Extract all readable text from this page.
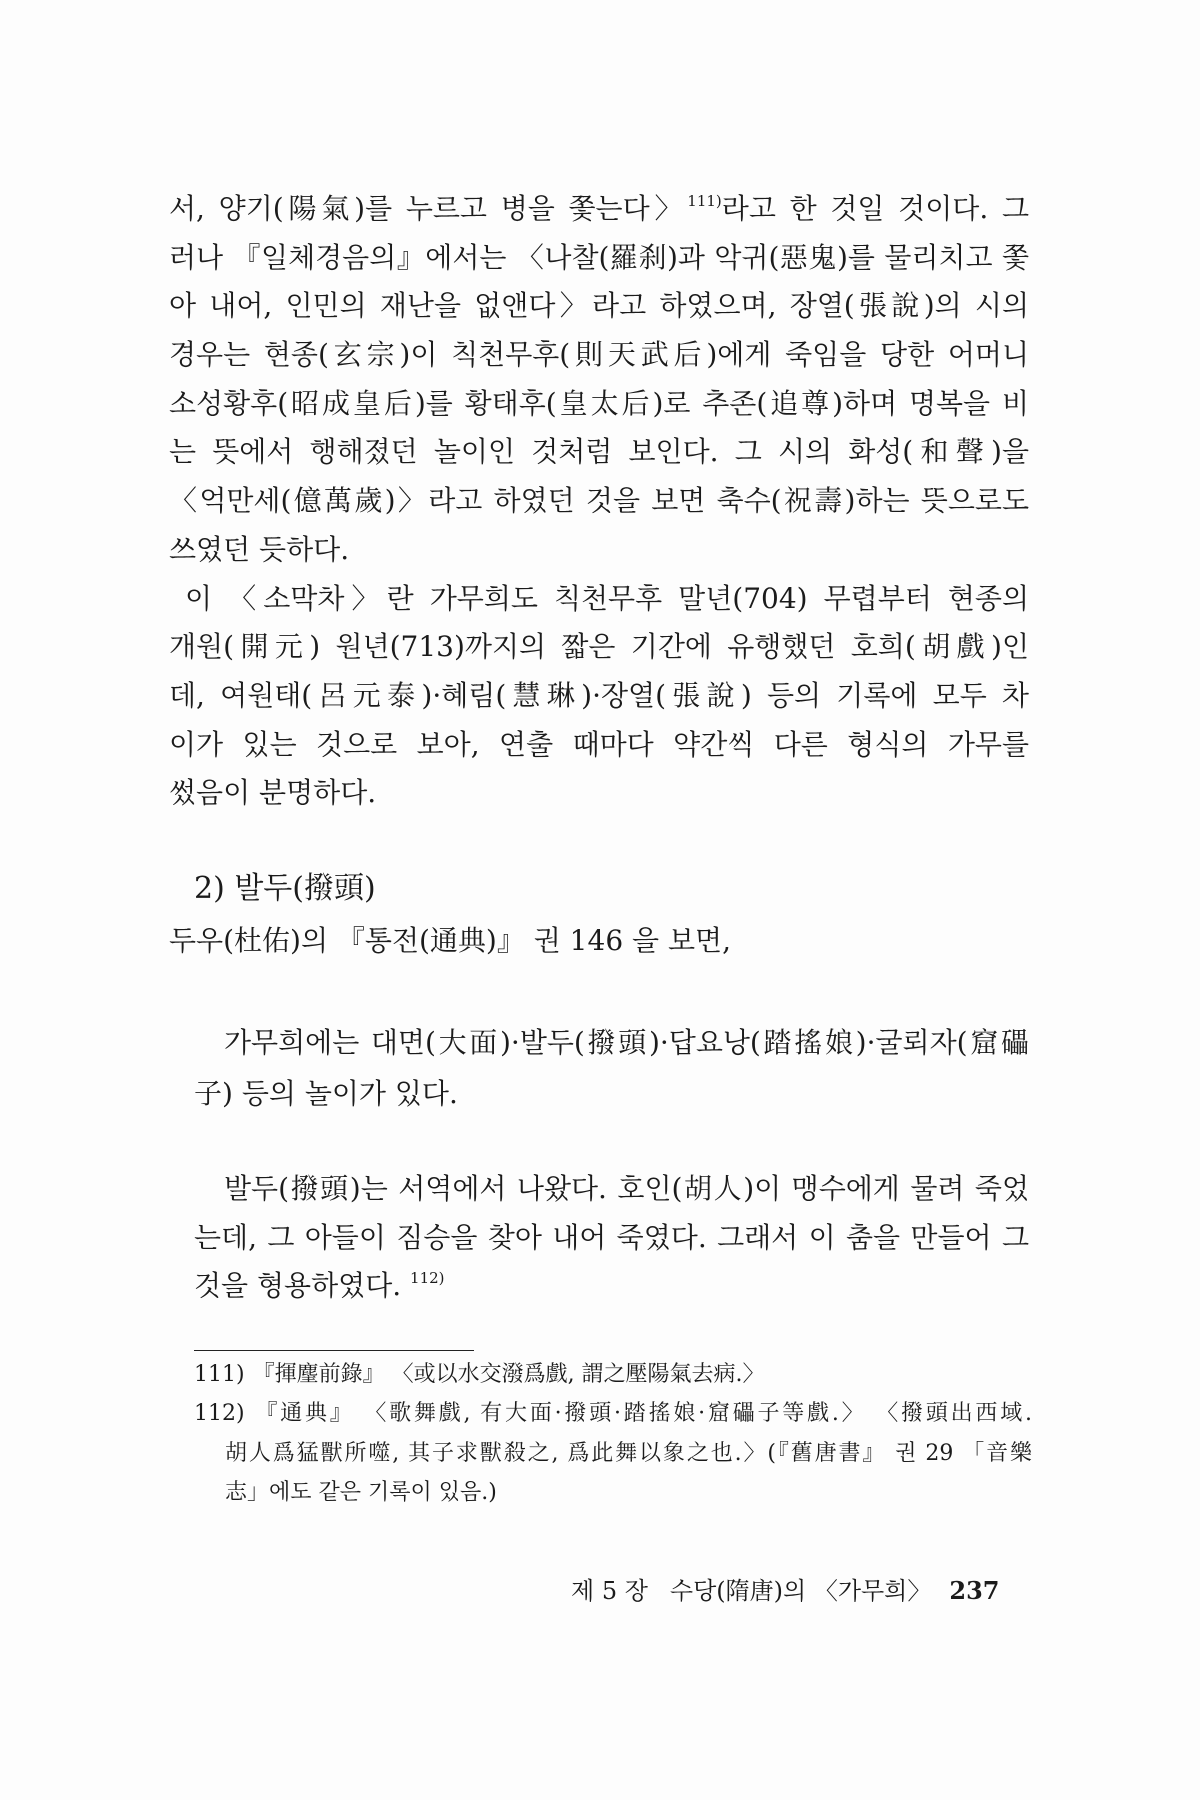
서, 양기(陽氣)를 누르고 병을 쫓는다〉$^{111)}$라고 한 것일 것이다. 그
러나 『일체경음의』에서는 〈나찰(羅刹)과 악귀(惡鬼)를 물리치고 쫓
아 내어, 인민의 재난을 없앤다〉라고 하였으며, 장열(張說)의 시의
경우는 현종(玄宗)이 칙천무후(則天武后)에게 죽임을 당한 어머니
소성황후(昭成皇后)를 황태후(皇太后)로 추존(追尊)하며 명복을 비
는 뜻에서 행해졌던 놀이인 것처럼 보인다. 그 시의 화성(和聲)을
〈억만세(億萬歲)〉라고 하였던 것을 보면 축수(祝壽)하는 뜻으로도
쓰였던 듯하다.
이 〈소막차〉란 가무희도 칙천무후 말년(704) 무렵부터 현종의
개원(開元) 원년(713)까지의 짧은 기간에 유행했던 호희(胡戲)인
데, 여원태(呂元泰)·혜림(慧琳)·장열(張說) 등의 기록에 모두 차
이가 있는 것으로 보아, 연출 때마다 약간씩 다른 형식의 가무를
썼음이 분명하다.
2) 발두(撥頭)
두우(杜佑)의 『통전(通典)』 권 146 을 보면,
가무희에는 대면(大面)·발두(撥頭)·답요낭(踏搖娘)·굴뢰자(窟礧
子) 등의 놀이가 있다.
발두(撥頭)는 서역에서 나왔다. 호인(胡人)이 맹수에게 물려 죽었
는데, 그 아들이 짐승을 찾아 내어 죽였다. 그래서 이 춤을 만들어 그
것을 형용하였다. $^{112)}$
111) 『揮麈前錄』 〈或以水交潑爲戲, 謂之壓陽氣去病.〉
112) 『通典』 〈歌舞戲, 有大面·撥頭·踏搖娘·窟礧子等戲.〉 〈撥頭出西域.
胡人爲猛獸所噬, 其子求獸殺之, 爲此舞以象之也.〉(『舊唐書』 권 29 「音樂
志」에도 같은 기록이 있음.)
제 5 장 수당(隋唐)의 〈가무희〉 237
